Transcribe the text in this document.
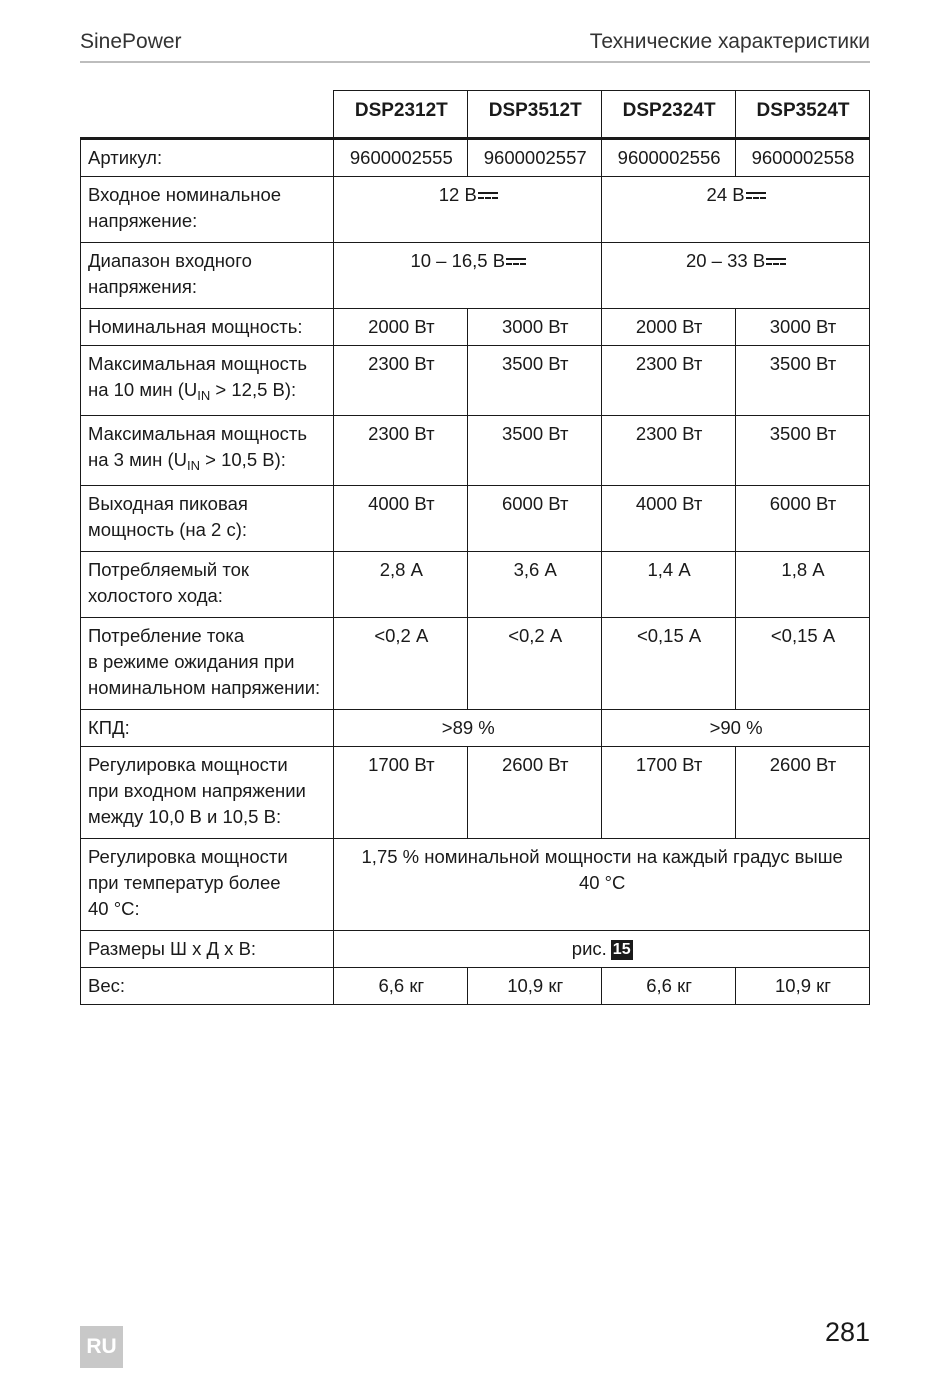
SinePower	Технические характеристики
	DSP2312T	DSP3512T	DSP2324T	DSP3524T
Артикул:	9600002555	9600002557	9600002556	9600002558
Входное номинальное
напряжение:	12 В		24 В	
Диапазон входного
напряжения:	10 – 16,5 В		20 – 33 В	
Номинальная мощность:	2000 Вт	3000 Вт	2000 Вт	3000 Вт
Максимальная мощность
на 10 мин ($U_{IN} > 12,5$ В):	2300 Вт	3500 Вт	2300 Вт	3500 Вт
Максимальная мощность
на 3 мин ($U_{IN} > 10,5$ В):	2300 Вт	3500 Вт	2300 Вт	3500 Вт
Выходная пиковая
мощность (на 2 с):	4000 Вт	6000 Вт	4000 Вт	6000 Вт
Потребляемый ток
холостого хода:	2,8 А	3,6 А	1,4 А	1,8 А
Потребление тока
в режиме ожидания при
номинальном напряжении:	<0,2 А	<0,2 А	<0,15 А	<0,15 А
КПД:	>89 %		>90 %	
Регулировка мощности
при входном напряжении
между 10,0 В и 10,5 В:	1700 Вт	2600 Вт	1700 Вт	2600 Вт
Регулировка мощности
при температур более
40 °C:	1,75 % номинальной мощности на каждый градус выше
40 °C			
Размеры Ш x Д x В:	рис. 15			
Вес:	6,6 кг	10,9 кг	6,6 кг	10,9 кг
RU	281
